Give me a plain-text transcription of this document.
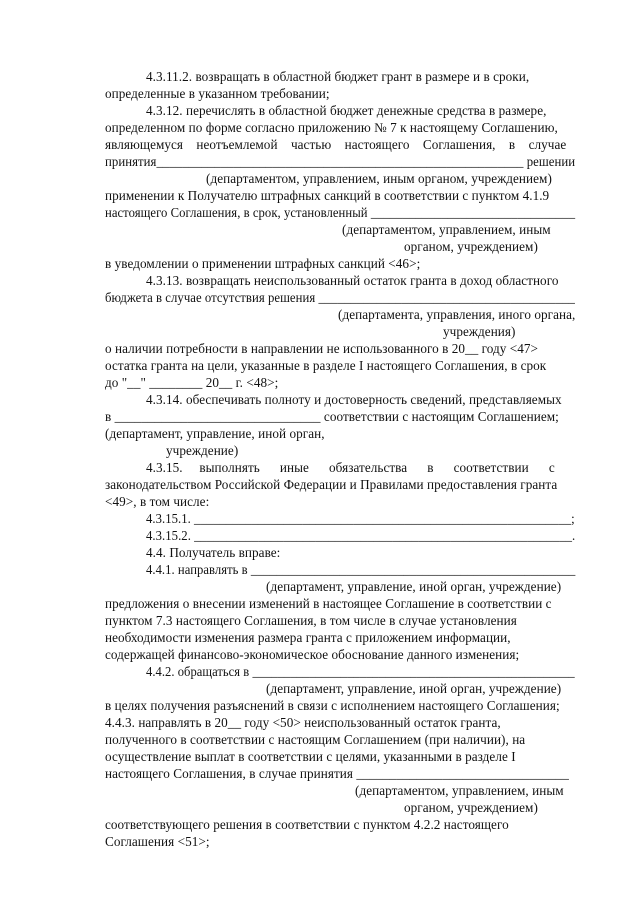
4.3.11.2. возвращать в областной бюджет грант в размере и в сроки,
определенные в указанном требовании;
4.3.12. перечислять в областной бюджет денежные средства в размере,
определенном по форме согласно приложению № 7 к настоящему Соглашению,
являющемуся    неотъемлемой    частью    настоящего    Соглашения,    в    случае
принятия_________________________________________________________ решении
(департаментом, управлением, иным органом, учреждением)
применении к Получателю штрафных санкций в соответствии с пунктом 4.1.9
настоящего Соглашения, в срок, установленный ________________________________
(департаментом, управлением, иным
органом, учреждением)
в уведомлении о применении штрафных санкций <46>;
4.3.13. возвращать неиспользованный остаток гранта в доход областного
бюджета в случае отсутствия решения ________________________________________
(департамента, управления, иного органа,
учреждения)
о наличии потребности в направлении не использованного в 20__ году <47>
остатка гранта на цели, указанные в разделе I настоящего Соглашения, в срок
до "__" ________ 20__ г. <48>;
4.3.14. обеспечивать полноту и достоверность сведений, представляемых
в _______________________________ соответствии с настоящим Соглашением;
(департамент, управление, иной орган,
учреждение)
4.3.15.     выполнять      иные      обязательства      в      соответствии      с
законодательством Российской Федерации и Правилами предоставления гранта
<49>, в том числе:
4.3.15.1. ___________________________________________________________;
4.3.15.2. ___________________________________________________________.
4.4. Получатель вправе:
4.4.1. направлять в ___________________________________________________
(департамент, управление, иной орган, учреждение)
предложения о внесении изменений в настоящее Соглашение в соответствии с
пунктом 7.3 настоящего Соглашения, в том числе в случае установления
необходимости изменения размера гранта с приложением информации,
содержащей финансово-экономическое обоснование данного изменения;
4.4.2. обращаться в ___________________________________________________
(департамент, управление, иной орган, учреждение)
в целях получения разъяснений в связи с исполнением настоящего Соглашения;
4.4.3. направлять в 20__ году <50> неиспользованный остаток гранта,
полученного в соответствии с настоящим Соглашением (при наличии), на
осуществление выплат в соответствии с целями, указанными в разделе I
настоящего Соглашения, в случае принятия ________________________________
(департаментом, управлением, иным
органом, учреждением)
соответствующего решения в соответствии с пунктом 4.2.2 настоящего
Соглашения <51>;
